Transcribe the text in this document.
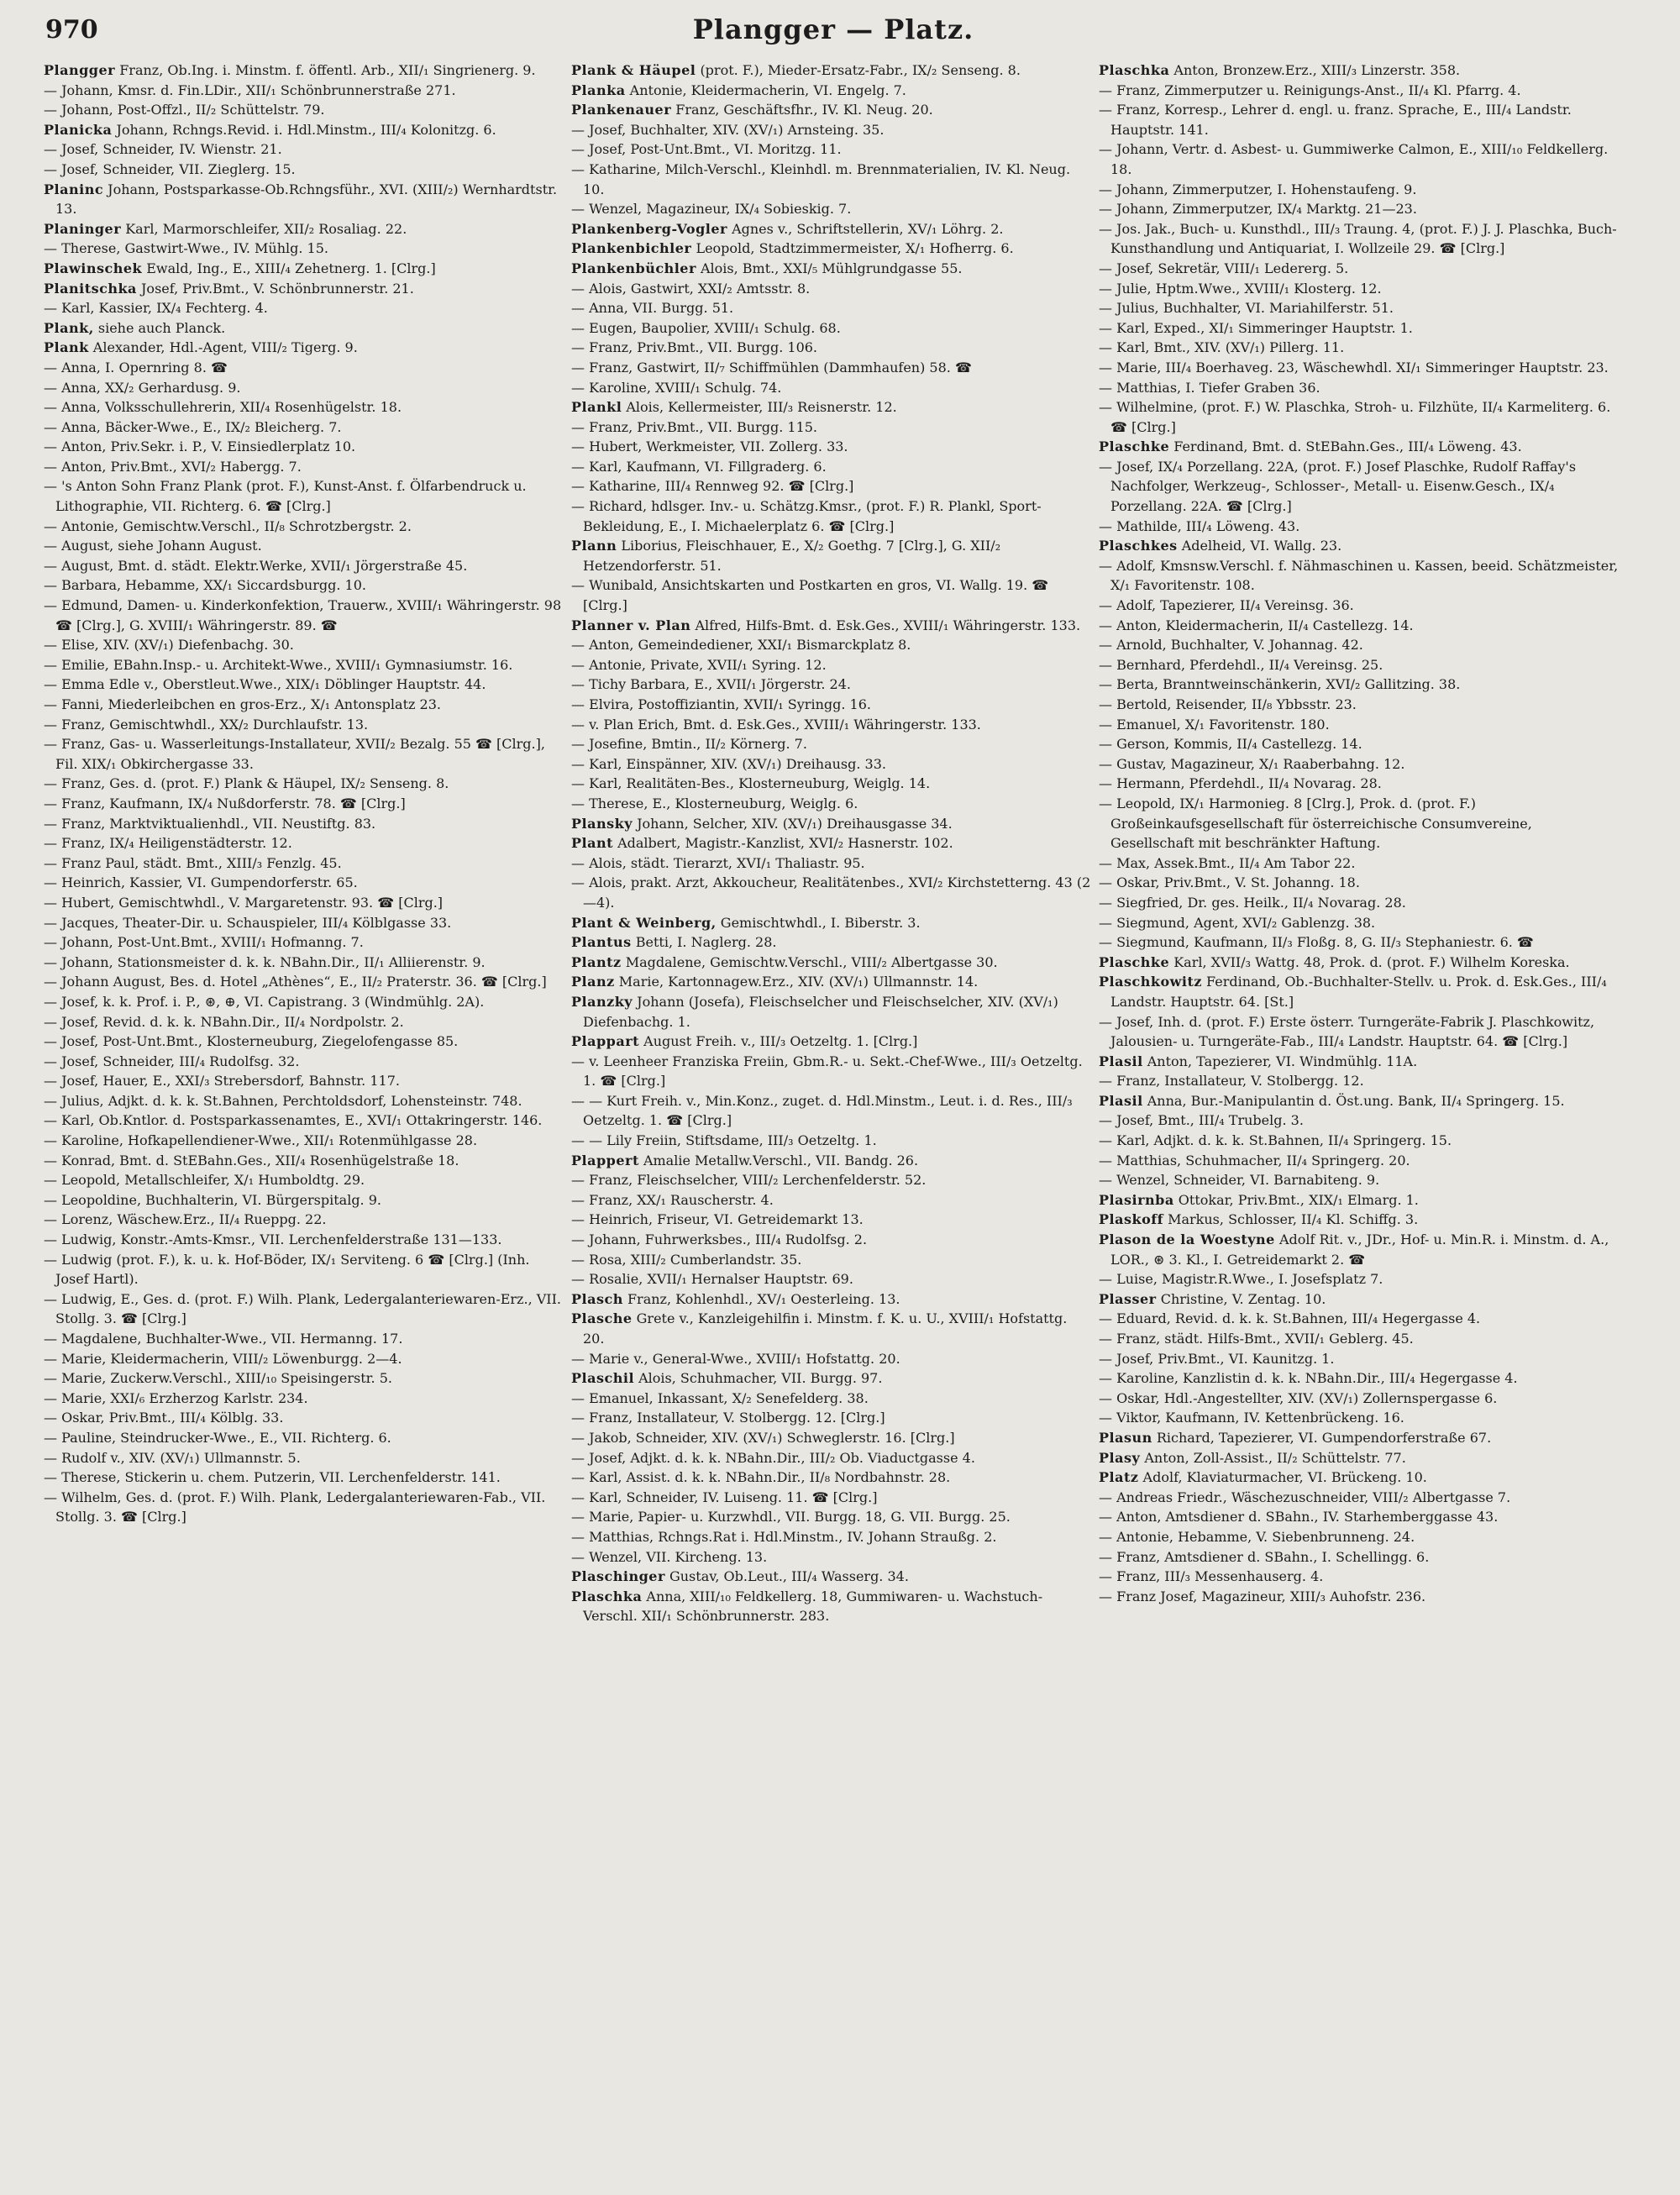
970	Plangger — Platz.
Plangger Franz, Ob.Ing. i. Minstm. f. öffentl. Arb., XII/₁ Singrienerg. 9.
— Johann, Kmsr. d. Fin.LDir., XII/₁ Schönbrunnerstraße 271.
— Johann, Post-Offzl., II/₂ Schüttelstr. 79.
Planicka Johann, Rchngs.Revid. i. Hdl.Minstm., III/₄ Kolonitzg. 6.
— Josef, Schneider, IV. Wienstr. 21.
— Josef, Schneider, VII. Zieglerg. 15.
Planinc Johann, Postsparkasse-Ob.Rchngsführ., XVI. (XIII/₂) Wernhardtstr. 13.
Planinger Karl, Marmorschleifer, XII/₂ Rosaliag. 22.
— Therese, Gastwirt-Wwe., IV. Mühlg. 15.
Plawinschek Ewald, Ing., E., XIII/₄ Zehetnerg. 1. [Clrg.]
Planitschka Josef, Priv.Bmt., V. Schönbrunnerstr. 21.
— Karl, Kassier, IX/₄ Fechterg. 4.
Plank, siehe auch Planck.
Plank Alexander, Hdl.-Agent, VIII/₂ Tigerg. 9.
— Anna, I. Opernring 8. ☎
— Anna, XX/₂ Gerhardusg. 9.
— Anna, Volksschullehrerin, XII/₄ Rosenhügelstr. 18.
— Anna, Bäcker-Wwe., E., IX/₂ Bleicherg. 7.
— Anton, Priv.Sekr. i. P., V. Einsiedlerplatz 10.
— Anton, Priv.Bmt., XVI/₂ Habergg. 7.
— 's Anton Sohn Franz Plank (prot. F.), Kunst-Anst. f. Ölfarbendruck u. Lithographie, VII. Richterg. 6. ☎ [Clrg.]
— Antonie, Gemischtw.Verschl., II/₈ Schrotzbergstr. 2.
— August, siehe Johann August.
— August, Bmt. d. städt. Elektr.Werke, XVII/₁ Jörgerstraße 45.
— Barbara, Hebamme, XX/₁ Siccardsburgg. 10.
— Edmund, Damen- u. Kinderkonfektion, Trauerw., XVIII/₁ Währingerstr. 98 ☎ [Clrg.], G. XVIII/₁ Währingerstr. 89. ☎
— Elise, XIV. (XV/₁) Diefenbachg. 30.
— Emilie, EBahn.Insp.- u. Architekt-Wwe., XVIII/₁ Gymnasiumstr. 16.
— Emma Edle v., Oberstleut.Wwe., XIX/₁ Döblinger Hauptstr. 44.
— Fanni, Miederleibchen en gros-Erz., X/₁ Antonsplatz 23.
— Franz, Gemischtwhdl., XX/₂ Durchlaufstr. 13.
— Franz, Gas- u. Wasserleitungs-Installateur, XVII/₂ Bezalg. 55 ☎ [Clrg.], Fil. XIX/₁ Obkirchergasse 33.
— Franz, Ges. d. (prot. F.) Plank & Häupel, IX/₂ Senseng. 8.
— Franz, Kaufmann, IX/₄ Nußdorferstr. 78. ☎ [Clrg.]
— Franz, Marktviktualienhdl., VII. Neustiftg. 83.
— Franz, IX/₄ Heiligenstädterstr. 12.
— Franz Paul, städt. Bmt., XIII/₃ Fenzlg. 45.
— Heinrich, Kassier, VI. Gumpendorferstr. 65.
— Hubert, Gemischtwhdl., V. Margaretenstr. 93. ☎ [Clrg.]
— Jacques, Theater-Dir. u. Schauspieler, III/₄ Kölblgasse 33.
— Johann, Post-Unt.Bmt., XVIII/₁ Hofmanng. 7.
— Johann, Stationsmeister d. k. k. NBahn.Dir., II/₁ Alliierenstr. 9.
— Johann August, Bes. d. Hotel „Athènes“, E., II/₂ Praterstr. 36. ☎ [Clrg.]
— Josef, k. k. Prof. i. P., ⊛, ⊕, VI. Capistrang. 3 (Windmühlg. 2A).
— Josef, Revid. d. k. k. NBahn.Dir., II/₄ Nordpolstr. 2.
— Josef, Post-Unt.Bmt., Klosterneuburg, Ziegelofengasse 85.
— Josef, Schneider, III/₄ Rudolfsg. 32.
— Josef, Hauer, E., XXI/₃ Strebersdorf, Bahnstr. 117.
— Julius, Adjkt. d. k. k. St.Bahnen, Perchtoldsdorf, Lohensteinstr. 748.
— Karl, Ob.Kntlor. d. Postsparkassenamtes, E., XVI/₁ Ottakringerstr. 146.
— Karoline, Hofkapellendiener-Wwe., XII/₁ Rotenmühlgasse 28.
— Konrad, Bmt. d. StEBahn.Ges., XII/₄ Rosenhügelstraße 18.
— Leopold, Metallschleifer, X/₁ Humboldtg. 29.
— Leopoldine, Buchhalterin, VI. Bürgerspitalg. 9.
— Lorenz, Wäschew.Erz., II/₄ Rueppg. 22.
— Ludwig, Konstr.-Amts-Kmsr., VII. Lerchenfelderstraße 131—133.
— Ludwig (prot. F.), k. u. k. Hof-Böder, IX/₁ Serviteng. 6 ☎ [Clrg.] (Inh. Josef Hartl).
— Ludwig, E., Ges. d. (prot. F.) Wilh. Plank, Ledergalanteriewaren-Erz., VII. Stollg. 3. ☎ [Clrg.]
— Magdalene, Buchhalter-Wwe., VII. Hermanng. 17.
— Marie, Kleidermacherin, VIII/₂ Löwenburgg. 2—4.
— Marie, Zuckerw.Verschl., XIII/₁₀ Speisingerstr. 5.
— Marie, XXI/₆ Erzherzog Karlstr. 234.
— Oskar, Priv.Bmt., III/₄ Kölblg. 33.
— Pauline, Steindrucker-Wwe., E., VII. Richterg. 6.
— Rudolf v., XIV. (XV/₁) Ullmannstr. 5.
— Therese, Stickerin u. chem. Putzerin, VII. Lerchenfelderstr. 141.
— Wilhelm, Ges. d. (prot. F.) Wilh. Plank, Ledergalanteriewaren-Fab., VII. Stollg. 3. ☎ [Clrg.]
Plank & Häupel (prot. F.), Mieder-Ersatz-Fabr., IX/₂ Senseng. 8.
Planka Antonie, Kleidermacherin, VI. Engelg. 7.
Plankenauer Franz, Geschäftsfhr., IV. Kl. Neug. 20.
— Josef, Buchhalter, XIV. (XV/₁) Arnsteing. 35.
— Josef, Post-Unt.Bmt., VI. Moritzg. 11.
— Katharine, Milch-Verschl., Kleinhdl. m. Brennmaterialien, IV. Kl. Neug. 10.
— Wenzel, Magazineur, IX/₄ Sobieskig. 7.
Plankenberg-Vogler Agnes v., Schriftstellerin, XV/₁ Löhrg. 2.
Plankenbichler Leopold, Stadtzimmermeister, X/₁ Hofherrg. 6.
Plankenbüchler Alois, Bmt., XXI/₅ Mühlgrundgasse 55.
— Alois, Gastwirt, XXI/₂ Amtsstr. 8.
— Anna, VII. Burgg. 51.
— Eugen, Baupolier, XVIII/₁ Schulg. 68.
— Franz, Priv.Bmt., VII. Burgg. 106.
— Franz, Gastwirt, II/₇ Schiffmühlen (Dammhaufen) 58. ☎
— Karoline, XVIII/₁ Schulg. 74.
Plankl Alois, Kellermeister, III/₃ Reisnerstr. 12.
— Franz, Priv.Bmt., VII. Burgg. 115.
— Hubert, Werkmeister, VII. Zollerg. 33.
— Karl, Kaufmann, VI. Fillgraderg. 6.
— Katharine, III/₄ Rennweg 92. ☎ [Clrg.]
— Richard, hdlsger. Inv.- u. Schätzg.Kmsr., (prot. F.) R. Plankl, Sport-Bekleidung, E., I. Michaelerplatz 6. ☎ [Clrg.]
Plann Liborius, Fleischhauer, E., X/₂ Goethg. 7 [Clrg.], G. XII/₂ Hetzendorferstr. 51.
— Wunibald, Ansichtskarten und Postkarten en gros, VI. Wallg. 19. ☎ [Clrg.]
Planner v. Plan Alfred, Hilfs-Bmt. d. Esk.Ges., XVIII/₁ Währingerstr. 133.
— Anton, Gemeindediener, XXI/₁ Bismarckplatz 8.
— Antonie, Private, XVII/₁ Syring. 12.
— Tichy Barbara, E., XVII/₁ Jörgerstr. 24.
— Elvira, Postoffiziantin, XVII/₁ Syringg. 16.
— v. Plan Erich, Bmt. d. Esk.Ges., XVIII/₁ Währingerstr. 133.
— Josefine, Bmtin., II/₂ Körnerg. 7.
— Karl, Einspänner, XIV. (XV/₁) Dreihausg. 33.
— Karl, Realitäten-Bes., Klosterneuburg, Weiglg. 14.
— Therese, E., Klosterneuburg, Weiglg. 6.
Plansky Johann, Selcher, XIV. (XV/₁) Dreihausgasse 34.
Plant Adalbert, Magistr.-Kanzlist, XVI/₂ Hasnerstr. 102.
— Alois, städt. Tierarzt, XVI/₁ Thaliastr. 95.
— Alois, prakt. Arzt, Akkoucheur, Realitätenbes., XVI/₂ Kirchstetterng. 43 (2—4).
Plant & Weinberg, Gemischtwhdl., I. Biberstr. 3.
Plantus Betti, I. Naglerg. 28.
Plantz Magdalene, Gemischtw.Verschl., VIII/₂ Albertgasse 30.
Planz Marie, Kartonnagew.Erz., XIV. (XV/₁) Ullmannstr. 14.
Planzky Johann (Josefa), Fleischselcher und Fleischselcher, XIV. (XV/₁) Diefenbachg. 1.
Plappart August Freih. v., III/₃ Oetzeltg. 1. [Clrg.]
— v. Leenheer Franziska Freiin, Gbm.R.- u. Sekt.-Chef-Wwe., III/₃ Oetzeltg. 1. ☎ [Clrg.]
— — Kurt Freih. v., Min.Konz., zuget. d. Hdl.Minstm., Leut. i. d. Res., III/₃ Oetzeltg. 1. ☎ [Clrg.]
— — Lily Freiin, Stiftsdame, III/₃ Oetzeltg. 1.
Plappert Amalie Metallw.Verschl., VII. Bandg. 26.
— Franz, Fleischselcher, VIII/₂ Lerchenfelderstr. 52.
— Franz, XX/₁ Rauscherstr. 4.
— Heinrich, Friseur, VI. Getreidemarkt 13.
— Johann, Fuhrwerksbes., III/₄ Rudolfsg. 2.
— Rosa, XIII/₂ Cumberlandstr. 35.
— Rosalie, XVII/₁ Hernalser Hauptstr. 69.
Plasch Franz, Kohlenhdl., XV/₁ Oesterleing. 13.
Plasche Grete v., Kanzleigehilfin i. Minstm. f. K. u. U., XVIII/₁ Hofstattg. 20.
— Marie v., General-Wwe., XVIII/₁ Hofstattg. 20.
Plaschil Alois, Schuhmacher, VII. Burgg. 97.
— Emanuel, Inkassant, X/₂ Senefelderg. 38.
— Franz, Installateur, V. Stolbergg. 12. [Clrg.]
— Jakob, Schneider, XIV. (XV/₁) Schweglerstr. 16. [Clrg.]
— Josef, Adjkt. d. k. k. NBahn.Dir., III/₂ Ob. Viaductgasse 4.
— Karl, Assist. d. k. k. NBahn.Dir., II/₈ Nordbahnstr. 28.
— Karl, Schneider, IV. Luiseng. 11. ☎ [Clrg.]
— Marie, Papier- u. Kurzwhdl., VII. Burgg. 18, G. VII. Burgg. 25.
— Matthias, Rchngs.Rat i. Hdl.Minstm., IV. Johann Straußg. 2.
— Wenzel, VII. Kircheng. 13.
Plaschinger Gustav, Ob.Leut., III/₄ Wasserg. 34.
Plaschka Anna, XIII/₁₀ Feldkellerg. 18, Gummiwaren- u. Wachstuch-Verschl. XII/₁ Schönbrunnerstr. 283.
Plaschka Anton, Bronzew.Erz., XIII/₃ Linzerstr. 358.
— Franz, Zimmerputzer u. Reinigungs-Anst., II/₄ Kl. Pfarrg. 4.
— Franz, Korresp., Lehrer d. engl. u. franz. Sprache, E., III/₄ Landstr. Hauptstr. 141.
— Johann, Vertr. d. Asbest- u. Gummiwerke Calmon, E., XIII/₁₀ Feldkellerg. 18.
— Johann, Zimmerputzer, I. Hohenstaufeng. 9.
— Johann, Zimmerputzer, IX/₄ Marktg. 21—23.
— Jos. Jak., Buch- u. Kunsthdl., III/₃ Traung. 4, (prot. F.) J. J. Plaschka, Buch-Kunsthandlung und Antiquariat, I. Wollzeile 29. ☎ [Clrg.]
— Josef, Sekretär, VIII/₁ Ledererg. 5.
— Julie, Hptm.Wwe., XVIII/₁ Klosterg. 12.
— Julius, Buchhalter, VI. Mariahilferstr. 51.
— Karl, Exped., XI/₁ Simmeringer Hauptstr. 1.
— Karl, Bmt., XIV. (XV/₁) Pillerg. 11.
— Marie, III/₄ Boerhaveg. 23, Wäschewhdl. XI/₁ Simmeringer Hauptstr. 23.
— Matthias, I. Tiefer Graben 36.
— Wilhelmine, (prot. F.) W. Plaschka, Stroh- u. Filzhüte, II/₄ Karmeliterg. 6. ☎ [Clrg.]
Plaschke Ferdinand, Bmt. d. StEBahn.Ges., III/₄ Löweng. 43.
— Josef, IX/₄ Porzellang. 22A, (prot. F.) Josef Plaschke, Rudolf Raffay's Nachfolger, Werkzeug-, Schlosser-, Metall- u. Eisenw.Gesch., IX/₄ Porzellang. 22A. ☎ [Clrg.]
— Mathilde, III/₄ Löweng. 43.
Plaschkes Adelheid, VI. Wallg. 23.
— Adolf, Kmsnsw.Verschl. f. Nähmaschinen u. Kassen, beeid. Schätzmeister, X/₁ Favoritenstr. 108.
— Adolf, Tapezierer, II/₄ Vereinsg. 36.
— Anton, Kleidermacherin, II/₄ Castellezg. 14.
— Arnold, Buchhalter, V. Johannag. 42.
— Bernhard, Pferdehdl., II/₄ Vereinsg. 25.
— Berta, Branntweinschänkerin, XVI/₂ Gallitzing. 38.
— Bertold, Reisender, II/₈ Ybbsstr. 23.
— Emanuel, X/₁ Favoritenstr. 180.
— Gerson, Kommis, II/₄ Castellezg. 14.
— Gustav, Magazineur, X/₁ Raaberbahng. 12.
— Hermann, Pferdehdl., II/₄ Novarag. 28.
— Leopold, IX/₁ Harmonieg. 8 [Clrg.], Prok. d. (prot. F.) Großeinkaufsgesellschaft für österreichische Consumvereine, Gesellschaft mit beschränkter Haftung.
— Max, Assek.Bmt., II/₄ Am Tabor 22.
— Oskar, Priv.Bmt., V. St. Johanng. 18.
— Siegfried, Dr. ges. Heilk., II/₄ Novarag. 28.
— Siegmund, Agent, XVI/₂ Gablenzg. 38.
— Siegmund, Kaufmann, II/₃ Floßg. 8, G. II/₃ Stephaniestr. 6. ☎
Plaschke Karl, XVII/₃ Wattg. 48, Prok. d. (prot. F.) Wilhelm Koreska.
Plaschkowitz Ferdinand, Ob.-Buchhalter-Stellv. u. Prok. d. Esk.Ges., III/₄ Landstr. Hauptstr. 64. [St.]
— Josef, Inh. d. (prot. F.) Erste österr. Turngeräte-Fabrik J. Plaschkowitz, Jalousien- u. Turngeräte-Fab., III/₄ Landstr. Hauptstr. 64. ☎ [Clrg.]
Plasil Anton, Tapezierer, VI. Windmühlg. 11A.
— Franz, Installateur, V. Stolbergg. 12.
Plasil Anna, Bur.-Manipulantin d. Öst.ung. Bank, II/₄ Springerg. 15.
— Josef, Bmt., III/₄ Trubelg. 3.
— Karl, Adjkt. d. k. k. St.Bahnen, II/₄ Springerg. 15.
— Matthias, Schuhmacher, II/₄ Springerg. 20.
— Wenzel, Schneider, VI. Barnabiteng. 9.
Plasirnba Ottokar, Priv.Bmt., XIX/₁ Elmarg. 1.
Plaskoff Markus, Schlosser, II/₄ Kl. Schiffg. 3.
Plason de la Woestyne Adolf Rit. v., JDr., Hof- u. Min.R. i. Minstm. d. A., LOR., ⊛ 3. Kl., I. Getreidemarkt 2. ☎
— Luise, Magistr.R.Wwe., I. Josefsplatz 7.
Plasser Christine, V. Zentag. 10.
— Eduard, Revid. d. k. k. St.Bahnen, III/₄ Hegergasse 4.
— Franz, städt. Hilfs-Bmt., XVII/₁ Geblerg. 45.
— Josef, Priv.Bmt., VI. Kaunitzg. 1.
— Karoline, Kanzlistin d. k. k. NBahn.Dir., III/₄ Hegergasse 4.
— Oskar, Hdl.-Angestellter, XIV. (XV/₁) Zollernspergasse 6.
— Viktor, Kaufmann, IV. Kettenbrückeng. 16.
Plasun Richard, Tapezierer, VI. Gumpendorferstraße 67.
Plasy Anton, Zoll-Assist., II/₂ Schüttelstr. 77.
Platz Adolf, Klaviaturmacher, VI. Brückeng. 10.
— Andreas Friedr., Wäschezuschneider, VIII/₂ Albertgasse 7.
— Anton, Amtsdiener d. SBahn., IV. Starhemberggasse 43.
— Antonie, Hebamme, V. Siebenbrunneng. 24.
— Franz, Amtsdiener d. SBahn., I. Schellingg. 6.
— Franz, III/₃ Messenhauserg. 4.
— Franz Josef, Magazineur, XIII/₃ Auhofstr. 236.
